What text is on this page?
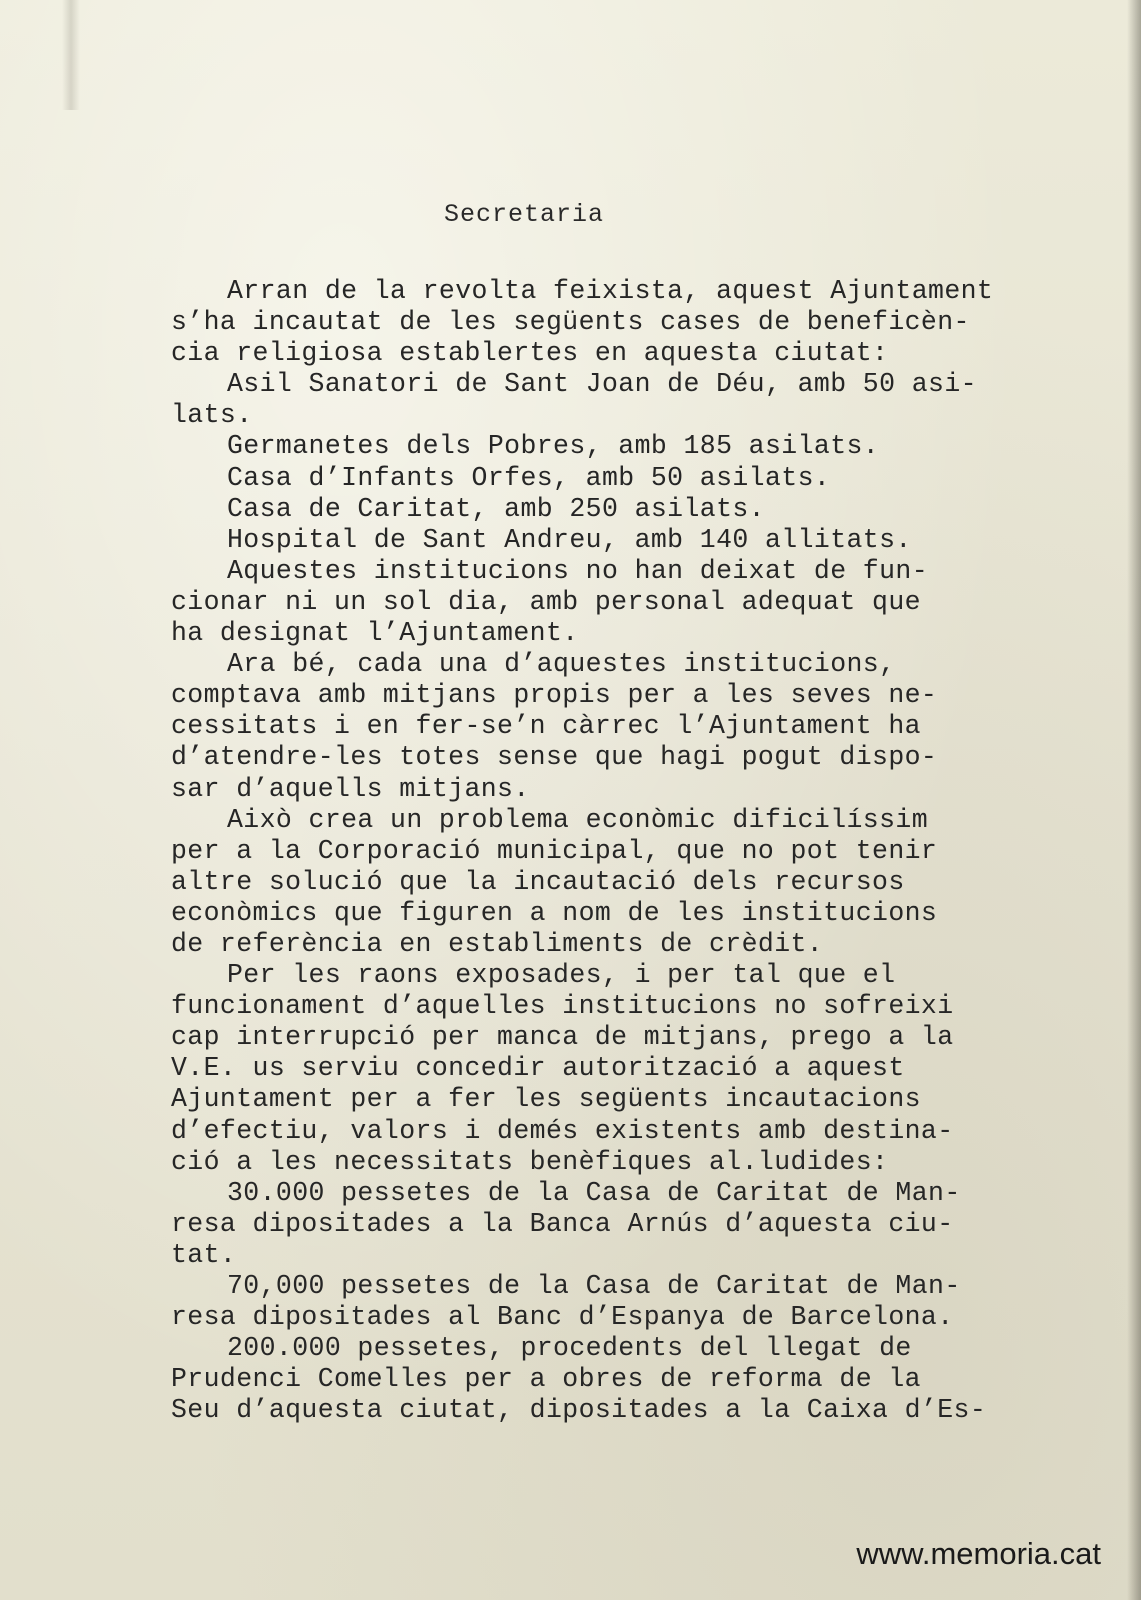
Secretaria
Arran de la revolta feixista, aquest Ajuntament
s’ha incautat de les següents cases de beneficèn-
cia religiosa establertes en aquesta ciutat:
Asil Sanatori de Sant Joan de Déu, amb 50 asi-
lats.
Germanetes dels Pobres, amb 185 asilats.
Casa d’Infants Orfes, amb 50 asilats.
Casa de Caritat, amb 250 asilats.
Hospital de Sant Andreu, amb 140 allitats.
Aquestes institucions no han deixat de fun-
cionar ni un sol dia, amb personal adequat que
ha designat l’Ajuntament.
Ara bé, cada una d’aquestes institucions,
comptava amb mitjans propis per a les seves ne-
cessitats i en fer-se’n càrrec l’Ajuntament ha
d’atendre-les totes sense que hagi pogut dispo-
sar d’aquells mitjans.
Això crea un problema econòmic dificilíssim
per a la Corporació municipal, que no pot tenir
altre solució que la incautació dels recursos
econòmics que figuren a nom de les institucions
de referència en establiments de crèdit.
Per les raons exposades, i per tal que el
funcionament d’aquelles institucions no sofreixi
cap interrupció per manca de mitjans, prego a la
V.E. us serviu concedir autorització a aquest
Ajuntament per a fer les següents incautacions
d’efectiu, valors i demés existents amb destina-
ció a les necessitats benèfiques al.ludides:
30.000 pessetes de la Casa de Caritat de Man-
resa dipositades a la Banca Arnús d’aquesta ciu-
tat.
70,000 pessetes de la Casa de Caritat de Man-
resa dipositades al Banc d’Espanya de Barcelona.
200.000 pessetes, procedents del llegat de
Prudenci Comelles per a obres de reforma de la
Seu d’aquesta ciutat, dipositades a la Caixa d’Es-
www.memoria.cat
